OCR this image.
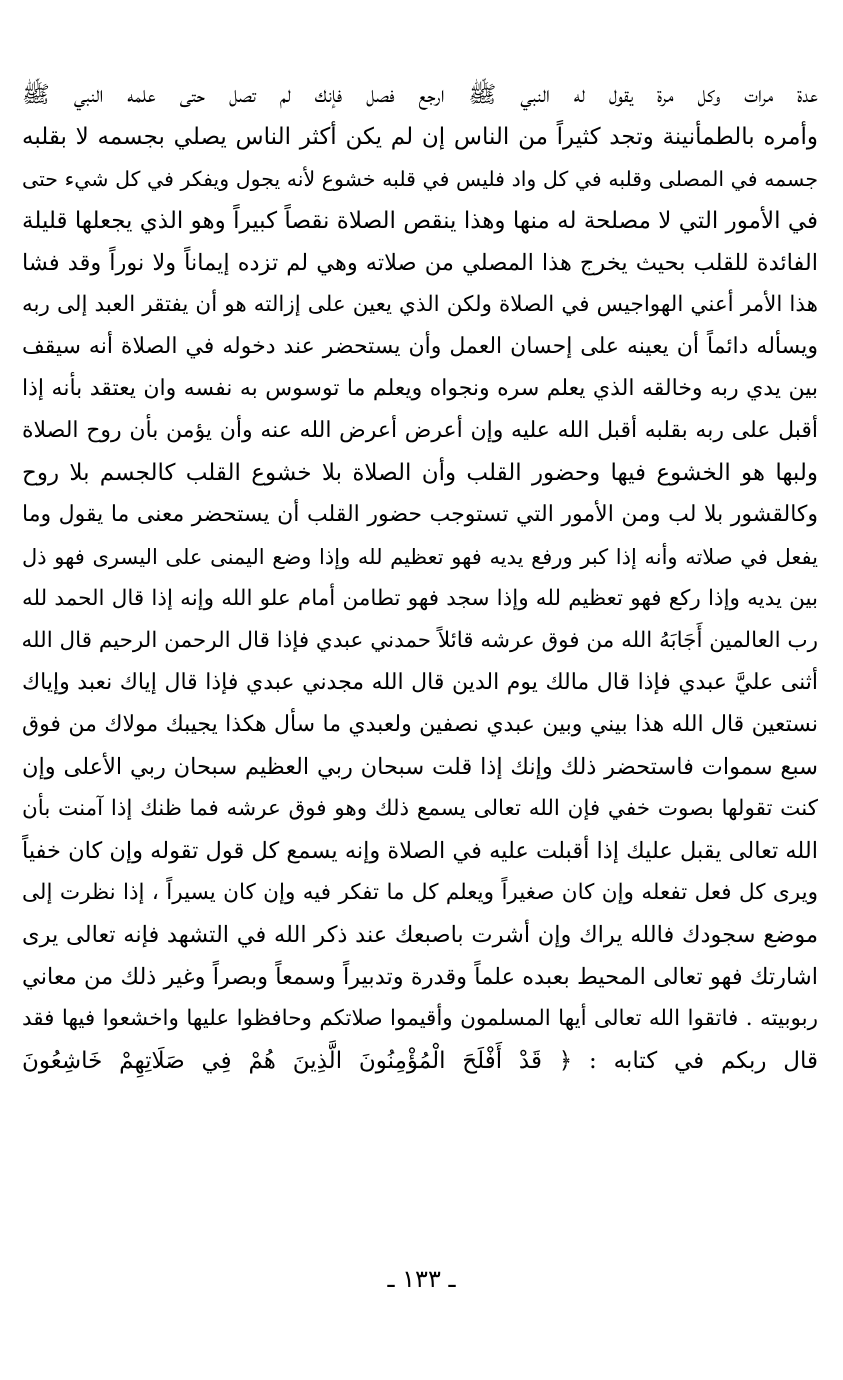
عدة مرات وكل مرة يقول له النبي ﷺ ارجع فصل فإنك لم تصل حتى علمه النبي ﷺ
وأمره بالطمأنينة وتجد كثيراً من الناس إن لم يكن أكثر الناس يصلي بجسمه لا بقلبه
جسمه في المصلى وقلبه في كل واد فليس في قلبه خشوع لأنه يجول ويفكر في كل شيء حتى
في الأمور التي لا مصلحة له منها وهذا ينقص الصلاة نقصاً كبيراً وهو الذي يجعلها قليلة
الفائدة للقلب بحيث يخرج هذا المصلي من صلاته وهي لم تزده إيماناً ولا نوراً وقد فشا
هذا الأمر أعني الهواجيس في الصلاة ولكن الذي يعين على إزالته هو أن يفتقر العبد إلى ربه
ويسأله دائماً أن يعينه على إحسان العمل وأن يستحضر عند دخوله في الصلاة أنه سيقف
بين يدي ربه وخالقه الذي يعلم سره ونجواه ويعلم ما توسوس به نفسه وان يعتقد بأنه إذا
أقبل على ربه بقلبه أقبل الله عليه وإن أعرض أعرض الله عنه وأن يؤمن بأن روح الصلاة
ولبها هو الخشوع فيها وحضور القلب وأن الصلاة بلا خشوع القلب كالجسم بلا روح
وكالقشور بلا لب ومن الأمور التي تستوجب حضور القلب أن يستحضر معنى ما يقول وما
يفعل في صلاته وأنه إذا كبر ورفع يديه فهو تعظيم لله وإذا وضع اليمنى على اليسرى فهو ذل
بين يديه وإذا ركع فهو تعظيم لله وإذا سجد فهو تطامن أمام علو الله وإنه إذا قال الحمد لله
رب العالمين أَجَابَهُ الله من فوق عرشه قائلاً حمدني عبدي فإذا قال الرحمن الرحيم قال الله
أثنى عليَّ عبدي فإذا قال مالك يوم الدين قال الله مجدني عبدي فإذا قال إياك نعبد وإياك
نستعين قال الله هذا بيني وبين عبدي نصفين ولعبدي ما سأل هكذا يجيبك مولاك من فوق
سبع سموات فاستحضر ذلك وإنك إذا قلت سبحان ربي العظيم سبحان ربي الأعلى وإن
كنت تقولها بصوت خفي فإن الله تعالى يسمع ذلك وهو فوق عرشه فما ظنك إذا آمنت بأن
الله تعالى يقبل عليك إذا أقبلت عليه في الصلاة وإنه يسمع كل قول تقوله وإن كان خفياً
ويرى كل فعل تفعله وإن كان صغيراً ويعلم كل ما تفكر فيه وإن كان يسيراً ، إذا نظرت إلى
موضع سجودك فالله يراك وإن أشرت باصبعك عند ذكر الله في التشهد فإنه تعالى يرى
اشارتك فهو تعالى المحيط بعبده علماً وقدرة وتدبيراً وسمعاً وبصراً وغير ذلك من معاني
ربوبيته . فاتقوا الله تعالى أيها المسلمون وأقيموا صلاتكم وحافظوا عليها واخشعوا فيها فقد
قال ربكم في كتابه : ﴿ قَدْ أَفْلَحَ الْمُؤْمِنُونَ الَّذِينَ هُمْ فِي صَلَاتِهِمْ خَاشِعُونَ
ـ ١٣٣ ـ
